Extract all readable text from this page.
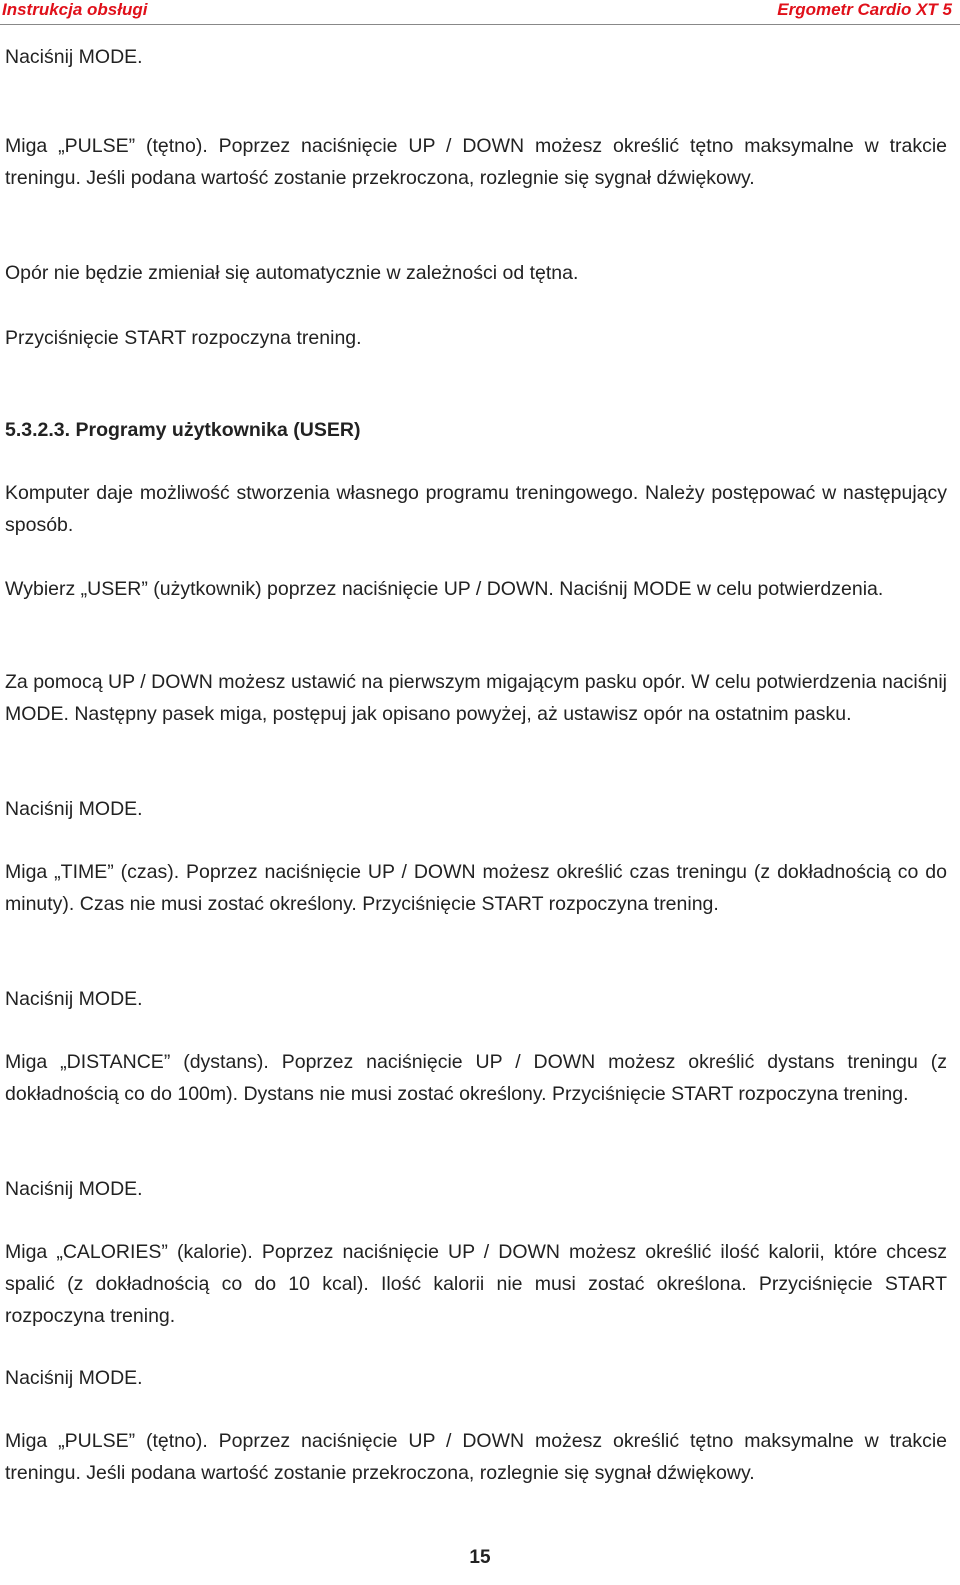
Instrukcja obsługi	Ergometr Cardio XT 5

Naciśnij MODE.

Miga „PULSE” (tętno). Poprzez naciśnięcie UP / DOWN możesz określić tętno maksymalne w trakcie treningu. Jeśli podana wartość zostanie przekroczona, rozlegnie się sygnał dźwiękowy.

Opór nie będzie zmieniał się automatycznie w zależności od tętna.

Przyciśnięcie START rozpoczyna trening.

5.3.2.3. Programy użytkownika (USER)

Komputer daje możliwość stworzenia własnego programu treningowego. Należy postępować w następujący sposób.

Wybierz „USER” (użytkownik) poprzez naciśnięcie UP / DOWN. Naciśnij MODE w celu potwierdzenia.

Za pomocą UP / DOWN możesz ustawić na pierwszym migającym pasku opór. W celu potwierdzenia naciśnij MODE. Następny pasek miga, postępuj jak opisano powyżej, aż ustawisz opór na ostatnim pasku.

Naciśnij MODE.

Miga „TIME” (czas). Poprzez naciśnięcie UP / DOWN możesz określić czas treningu (z dokładnością co do minuty). Czas nie musi zostać określony. Przyciśnięcie START rozpoczyna trening.

Naciśnij MODE.

Miga „DISTANCE” (dystans). Poprzez naciśnięcie UP / DOWN możesz określić dystans treningu (z dokładnością co do 100m). Dystans nie musi zostać określony. Przyciśnięcie START rozpoczyna trening.

Naciśnij MODE.

Miga „CALORIES” (kalorie). Poprzez naciśnięcie UP / DOWN możesz określić ilość kalorii, które chcesz spalić (z dokładnością co do 10 kcal). Ilość kalorii nie musi zostać określona. Przyciśnięcie START rozpoczyna trening.

Naciśnij MODE.

Miga „PULSE” (tętno). Poprzez naciśnięcie UP / DOWN możesz określić tętno maksymalne w trakcie treningu. Jeśli podana wartość zostanie przekroczona, rozlegnie się sygnał dźwiękowy.

15
